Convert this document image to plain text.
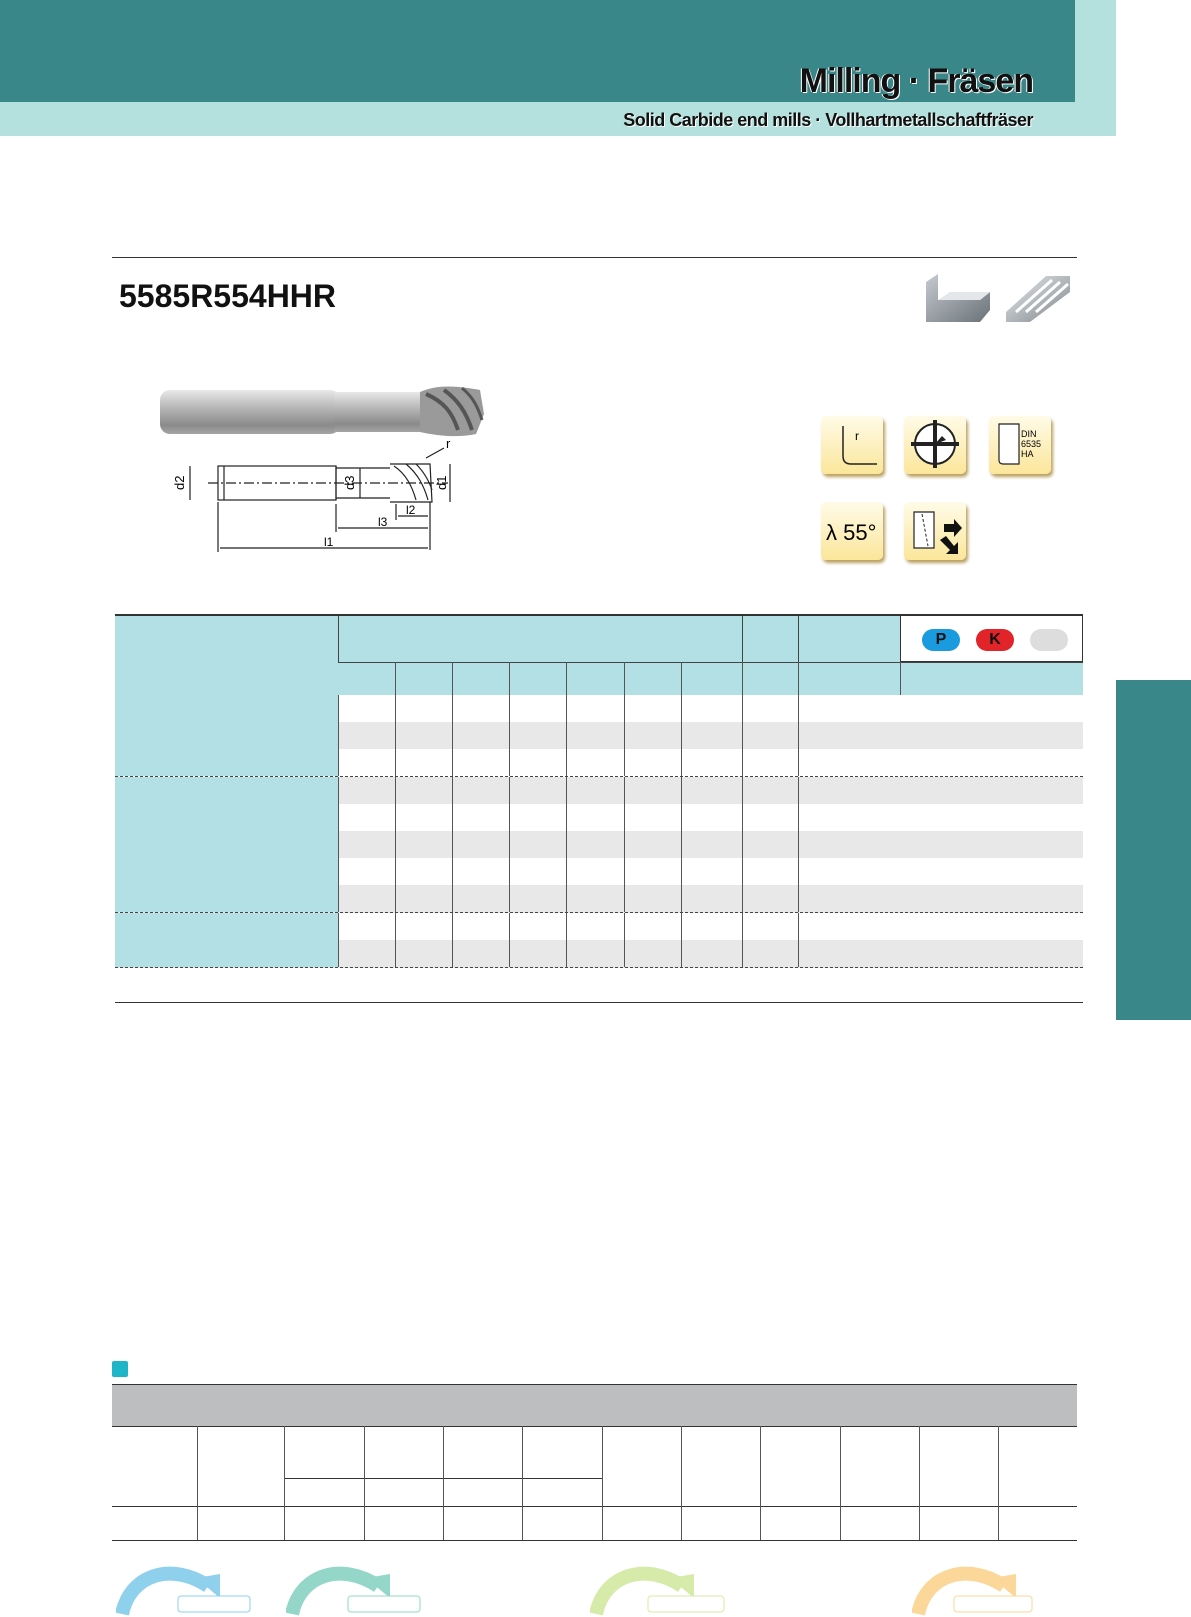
Milling · Fräsen
Solid Carbide end mills · Vollhartmetallschaftfräser
5585R554HHR
d2	d3	d1
r
l2
l3
l1
r	DIN
6535
HA
λ 55°
P	K
